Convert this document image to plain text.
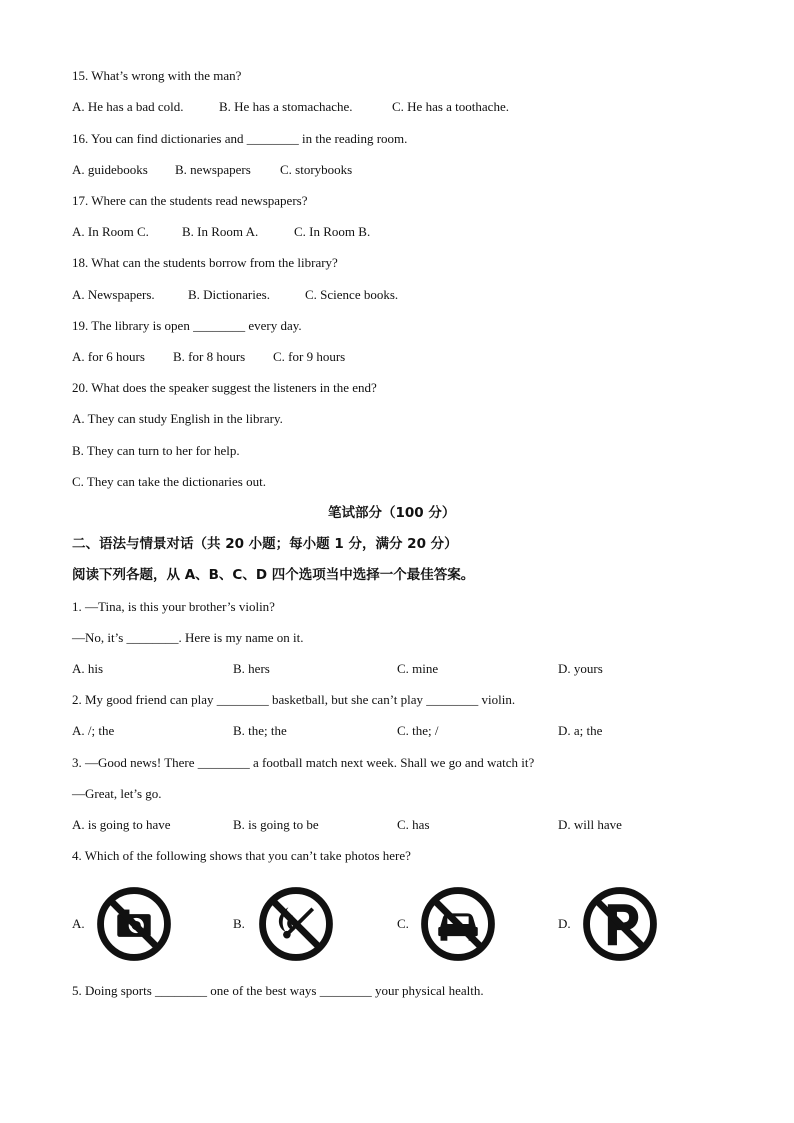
15. What’s wrong with the man?
A. He has a bad cold.	B. He has a stomachache.	C. He has a toothache.
16. You can find dictionaries and ________ in the reading room.
A. guidebooks B. newspapers C. storybooks
17. Where can the students read newspapers?
A. In Room C.	B. In Room A.	C. In Room B.
18. What can the students borrow from the library?
A. Newspapers.	B. Dictionaries.	C. Science books.
19. The library is open ________ every day.
A. for 6 hours B. for 8 hours C. for 9 hours
20. What does the speaker suggest the listeners in the end?
A. They can study English in the library.
B. They can turn to her for help.
C. They can take the dictionaries out.
笔试部分（100 分）
二、语法与情景对话（共 20 小题；每小题 1 分，满分 20 分）
阅读下列各题，从 A、B、C、D 四个选项当中选择一个最佳答案。
1. —Tina, is this your brother’s violin?
—No, it’s ________. Here is my name on it.
A. his	B. hers	C. mine	D. yours
2. My good friend can play ________ basketball, but she can’t play ________ violin.
A. /; the	B. the; the	C. the; /	D. a; the
3. —Good news! There ________ a football match next week. Shall we go and watch it?
—Great, let’s go.
A. is going to have	B. is going to be	C. has	D. will have
4. Which of the following shows that you can’t take photos here?
A.	B.	C.	D.
5. Doing sports ________ one of the best ways ________ your physical health.
